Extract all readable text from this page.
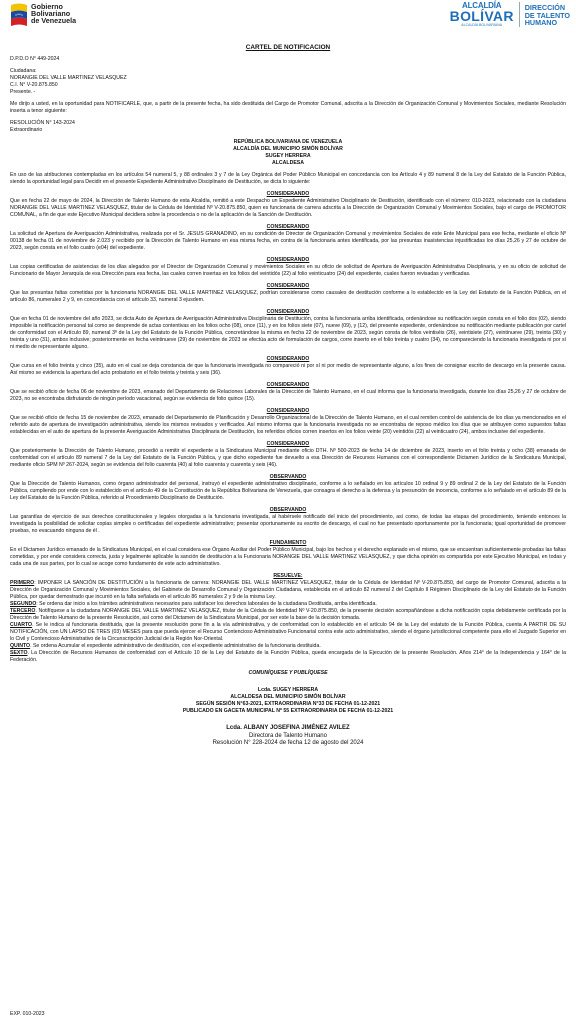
Gobierno
Bolivariano
de Venezuela
ALCALDÍA
BOLÍVAR
ALCALDÍA BOLIVARIANA
DIRECCIÓN
DE TALENTO
HUMANO
CARTEL DE NOTIFICACION
D.P.D.O N° 449-2024
Ciudadana:
NORANGIE DEL VALLE MARTINEZ VELASQUEZ
C.I. N° V-20.875.850
Presente. -

Me dirijo a usted, en la oportunidad para NOTIFICARLE, que, a partir de la presente fecha, ha sido destituida del Cargo de Promotor Comunal, adscrita a la Dirección de Organización Comunal y Movimientos Sociales, mediante Resolución inserta a tenor siguiente:

RESOLUCIÓN N° 143-2024
Extraordinario
REPÚBLICA BOLIVARIANA DE VENEZUELA
ALCALDÍA DEL MUNICIPIO SIMÓN BOLÍVAR
SUGEY HERRERA
ALCALDESA

En uso de las atribuciones contempladas en los artículos 54 numeral 5, y 88 ordinales 3 y 7 de la Ley Orgánica del Poder Público Municipal en concordancia con los Artículo 4 y 89 numeral 8 de la Ley del Estatuto de la Función Pública, siendo la oportunidad legal para Decidir en el presente Expediente Administrativo Disciplinario de Destitución, se dicta lo siguiente:

CONSIDERANDO

Que en fecha 22 de mayo de 2024, la Dirección de Talento Humano de esta Alcaldía, remitió a este Despacho un Expediente Administrativo Disciplinario de Destitución, identificado con el número: 010-2023, relacionado con la ciudadana NORANGIE DEL VALLE MARTINEZ VELASQUEZ, titular de la Cédula de Identidad Nº V-20.875.850, quien es funcionaria de carrera adscrita a la Dirección de Organización Comunal y Movimientos Sociales, bajo el cargo de PROMOTOR COMUNAL, a fin de que este Ejecutivo Municipal decidiera sobre la procedencia o no de la aplicación de la Sanción de Destitución.

CONSIDERANDO

La solicitud de Apertura de Averiguación Administrativa, realizada por el Sr. JESUS GRANADINO, en su condición de Director de Organización Comunal y movimientos Sociales de este Ente Municipal para ese fecha, mediante el oficio Nº 00138 de fecha 01 de noviembre de 2.023 y recibido por la Dirección de Talento Humano en esa misma fecha, en contra de la funcionaria antes identificada, por las presuntas inasistencias injustificadas los días 25,26 y 27 de octubre de 2023, según consta en el folio cuatro (e04) del expediente.

CONSIDERANDO

Las copias certificadas de asistencias de los días alegados por el Director de Organización Comunal y movimientos Sociales en su oficio de solicitud de Apertura de Averiguación Administrativa Disciplinaria, y en su oficio de solicitud de Funcionario de Mayor Jerarquía de esa Dirección para esa fecha, las cuales corren insertas en los folios del veintidós (22) al folio veinticuatro (24) del expediente, cuales fueron revisadas y verificadas.

CONSIDERANDO

Que las presuntas faltas cometidas por la funcionaria NORANGIE DEL VALLE MARTINEZ VELASQUEZ, podrían considerarse como causales de destitución conforme a lo establecido en la Ley del Estatuto de la Función Pública, en el artículo 86, numerales 2 y 9, en concordancia con el artículo 33, numeral 3 ejusdem.

CONSIDERANDO

Que en fecha 01 de noviembre del año 2023, se dicta Auto de Apertura de Averiguación Administrativa Disciplinaria de Destitución, contra la funcionaria arriba identificada, ordenándose su notificación según consta en el folio dos (02), siendo imposible la notificación personal tal como se desprende de actas contentivas en los folios ocho (08), once (11), y en los folios siete (07), nueve (09), y (12), del presente expediente, ordenándose su notificación mediante publicación por cartel de conformidad con el Artículo 89, numeral 3º de la Ley del Estatuto de la Función Pública, concretándose la misma en fecha 22 de noviembre de 2023, según consta de folios veintiséis (26), veintisiete (27), veintinueve (29), treinta (30) y treinta y uno (31), ambos inclusive; posteriormente en fecha veintinueve (29) de noviembre de 2023 se efectúa acto de formulación de cargos, corre inserto en el folio treinta y cuatro (34), no compareciendo la funcionaria investigada ni por sí ni medio de representante alguno.

CONSIDERANDO

Que cursa en el folio treinta y cinco (35), auto en el cual se deja constancia de que la funcionaria investigada no compareció ni por sí ni por medio de representante alguno, a los fines de consignar escrito de descargo en la presente causa. Así mismo se evidencia la apertura del acto probatorio en el folio treinta y treinta y seis (36).

CONSIDERANDO

Que se recibió oficio de fecha 06 de noviembre de 2023, emanado del Departamento de Relaciones Laborales de la Dirección de Talento Humano, en el cual informa que la funcionaria investigada, durante los días 25,26 y 27 de octubre de 2023, no se encontraba disfrutando de ningún período vacacional, según se evidencia de folio quince (15).

CONSIDERANDO

Que se recibió oficio de fecha 15 de noviembre de 2023, emanado del Departamento de Planificación y Desarrollo Organizacional de la Dirección de Talento Humano, en el cual remiten control de asistencia de los días ya mencionados en el referido auto de apertura de investigación administrativa, siendo los mismos revisados y verificados. Así mismo informa que la funcionaria investigada no se encontraba de reposo médico los días que se atribuyen como supuestos faltas establecidas en el auto de apertura de la presente Averiguación Administrativa Disciplinaria de Destitución, los referidos oficios corren insertos en los folios veinte (20) veintidós (22) al veinticuatro (24), ambos inclusive del expediente.

CONSIDERANDO

Que posteriormente la Dirección de Talento Humano, procedió a remitir el expediente a la Sindicatura Municipal mediante oficio DTH. Nº 500-2023 de fecha 14 de diciembre de 2023, inserto en el folio treinta y ocho (38) emanada de conformidad con el artículo 89 numeral 7 de la Ley del Estatuto de la Función Pública, y que dicho expediente fue devuelto a esa Dirección de Recursos Humanos con el correspondiente Dictamen Jurídico de la Sindicatura Municipal, mediante oficio SPM Nº 267-2024, según se evidencia del folio cuarenta (40) al folio cuarenta y cuarenta y seis (46).

OBSERVANDO

Que la Dirección de Talento Humanos, como órgano administrador del personal, instruyó el expediente administrativo disciplinario, conforme a lo señalado en los artículos 10 ordinal 9 y 89 ordinal 2 de la Ley del Estatuto de la Función Pública, cumpliendo por ende con lo establecido en el artículo 49 de la Constitución de la República Bolivariana de Venezuela, que consagra el derecho a la defensa y la presunción de inocencia, conforme a lo señalado en el artículo 89 de la Ley del Estatuto de la Función Pública, referido al Procedimiento Disciplinario de Destitución.

OBSERVANDO

Las garantías de ejercicio de sus derechos constitucionales y legales otorgadas a la funcionaria investigada, al habérsele notificado del inicio del procedimiento, así como, de todas las etapas del procedimiento, teniendo entonces la investigada la posibilidad de solicitar copias simples o certificadas del expediente administrativo; presentar oportunamente su escrito de descargo, el cual no fue presentado oportunamente por la funcionaria; igual oportunidad de promover pruebas, no evacuando ninguna de él .

FUNDAMENTO

En el Dictamen Jurídico emanado de la Sindicatura Municipal, en el cual considera ese Órgano Auxiliar del Poder Público Municipal, bajo los hechos y el derecho explanado en el mismo, que se encuentran suficientemente probadas las faltas cometidas, y por ende considera correcta, justa y legalmente aplicable la sanción de destitución a la Funcionaria NORANGIE DEL VALLE MARTINEZ VELASQUEZ, y que dicha opinión es compartida por este Ejecutivo Municipal, en todas y cada una de sus partes, por lo cual se acoge como fundamento de este acto administrativo.

RESUELVE:

PRIMERO: IMPONER LA SANCIÓN DE DESTITUCIÓN a la funcionaria de carrera: NORANGIE DEL VALLE MARTINEZ VELASQUEZ, titular de la Cédula de Identidad Nº V-20.875.850, del cargo de Promotor Comunal, adscrita a la Dirección de Organización Comunal y Movimientos Sociales, del Gabinete de Desarrollo Comunal y Organización Ciudadana, establecida en el artículo 82 numeral 2 del Capítulo II Régimen Disciplinario de la Ley del Estatuto de la Función Pública, por quedar demostrado que incurrió en la falta señalada en el artículo 86 numerales 2 y 9 de la misma Ley.

SEGUNDO: Se ordena dar inicio a los trámites administrativos necesarios para satisfacer los derechos laborales de la ciudadana Destituida, arriba identificada.

TERCERO. Notifíquese a la ciudadana NORANGIE DEL VALLE MARTINEZ VELASQUEZ, titular de la Cédula de Identidad Nº V-20.875.850, de la presente decisión acompañándose a dicha notificación copia debidamente certificada por la Dirección de Talento Humano de la presente Resolución, así como del Dictamen de la Sindicatura Municipal, por ser este la base de la decisión tomada.

CUARTO. Se le indica al funcionaria destituida, que la presente resolución pone fin a la vía administrativa, y de conformidad con lo establecido en el artículo 94 de la Ley del estatuto de la Función Pública, cuenta A PARTIR DE SU NOTIFICACIÓN, con UN LAPSO DE TRES (03) MESES para que pueda ejercer el Recurso Contencioso Administrativo Funcionarial contra este acto administrativo, siendo el órgano jurisdiccional competente para ello el Juzgado Superior en lo Civil y Contencioso Administrativo de la Circunscripción Judicial de la Región Nor-Oriental.

QUINTO. Se ordena Acumular el expediente administrativo de destitución, con el expediente administrativo de la funcionaria destituida.

SEXTO. La Dirección de Recursos Humanos de conformidad con el Artículo 10 de la Ley del Estatuto de la Función Pública, queda encargada de la Ejecución de la presente Resolución. Años 214° de la Independencia y 164° de la Federación.

COMUNÍQUESE Y PUBLÍQUESE
Lcda. SUGEY HERRERA
ALCALDESA DEL MUNICIPIO SIMÓN BOLÍVAR
SEGÚN SESIÓN N°63-2021, EXTRAORDINARIA N°33 DE FECHA 01-12-2021
PUBLICADO EN GACETA MUNICIPAL Nº 55 EXTRAORDINARIA DE FECHA 01-12-2021
Lcda. ALBANY JOSEFINA JIMÉNEZ AVILEZ
Directora de Talento Humano
Resolución N° 228-2024 de fecha 12 de agosto del 2024
EXP. 010-2023
